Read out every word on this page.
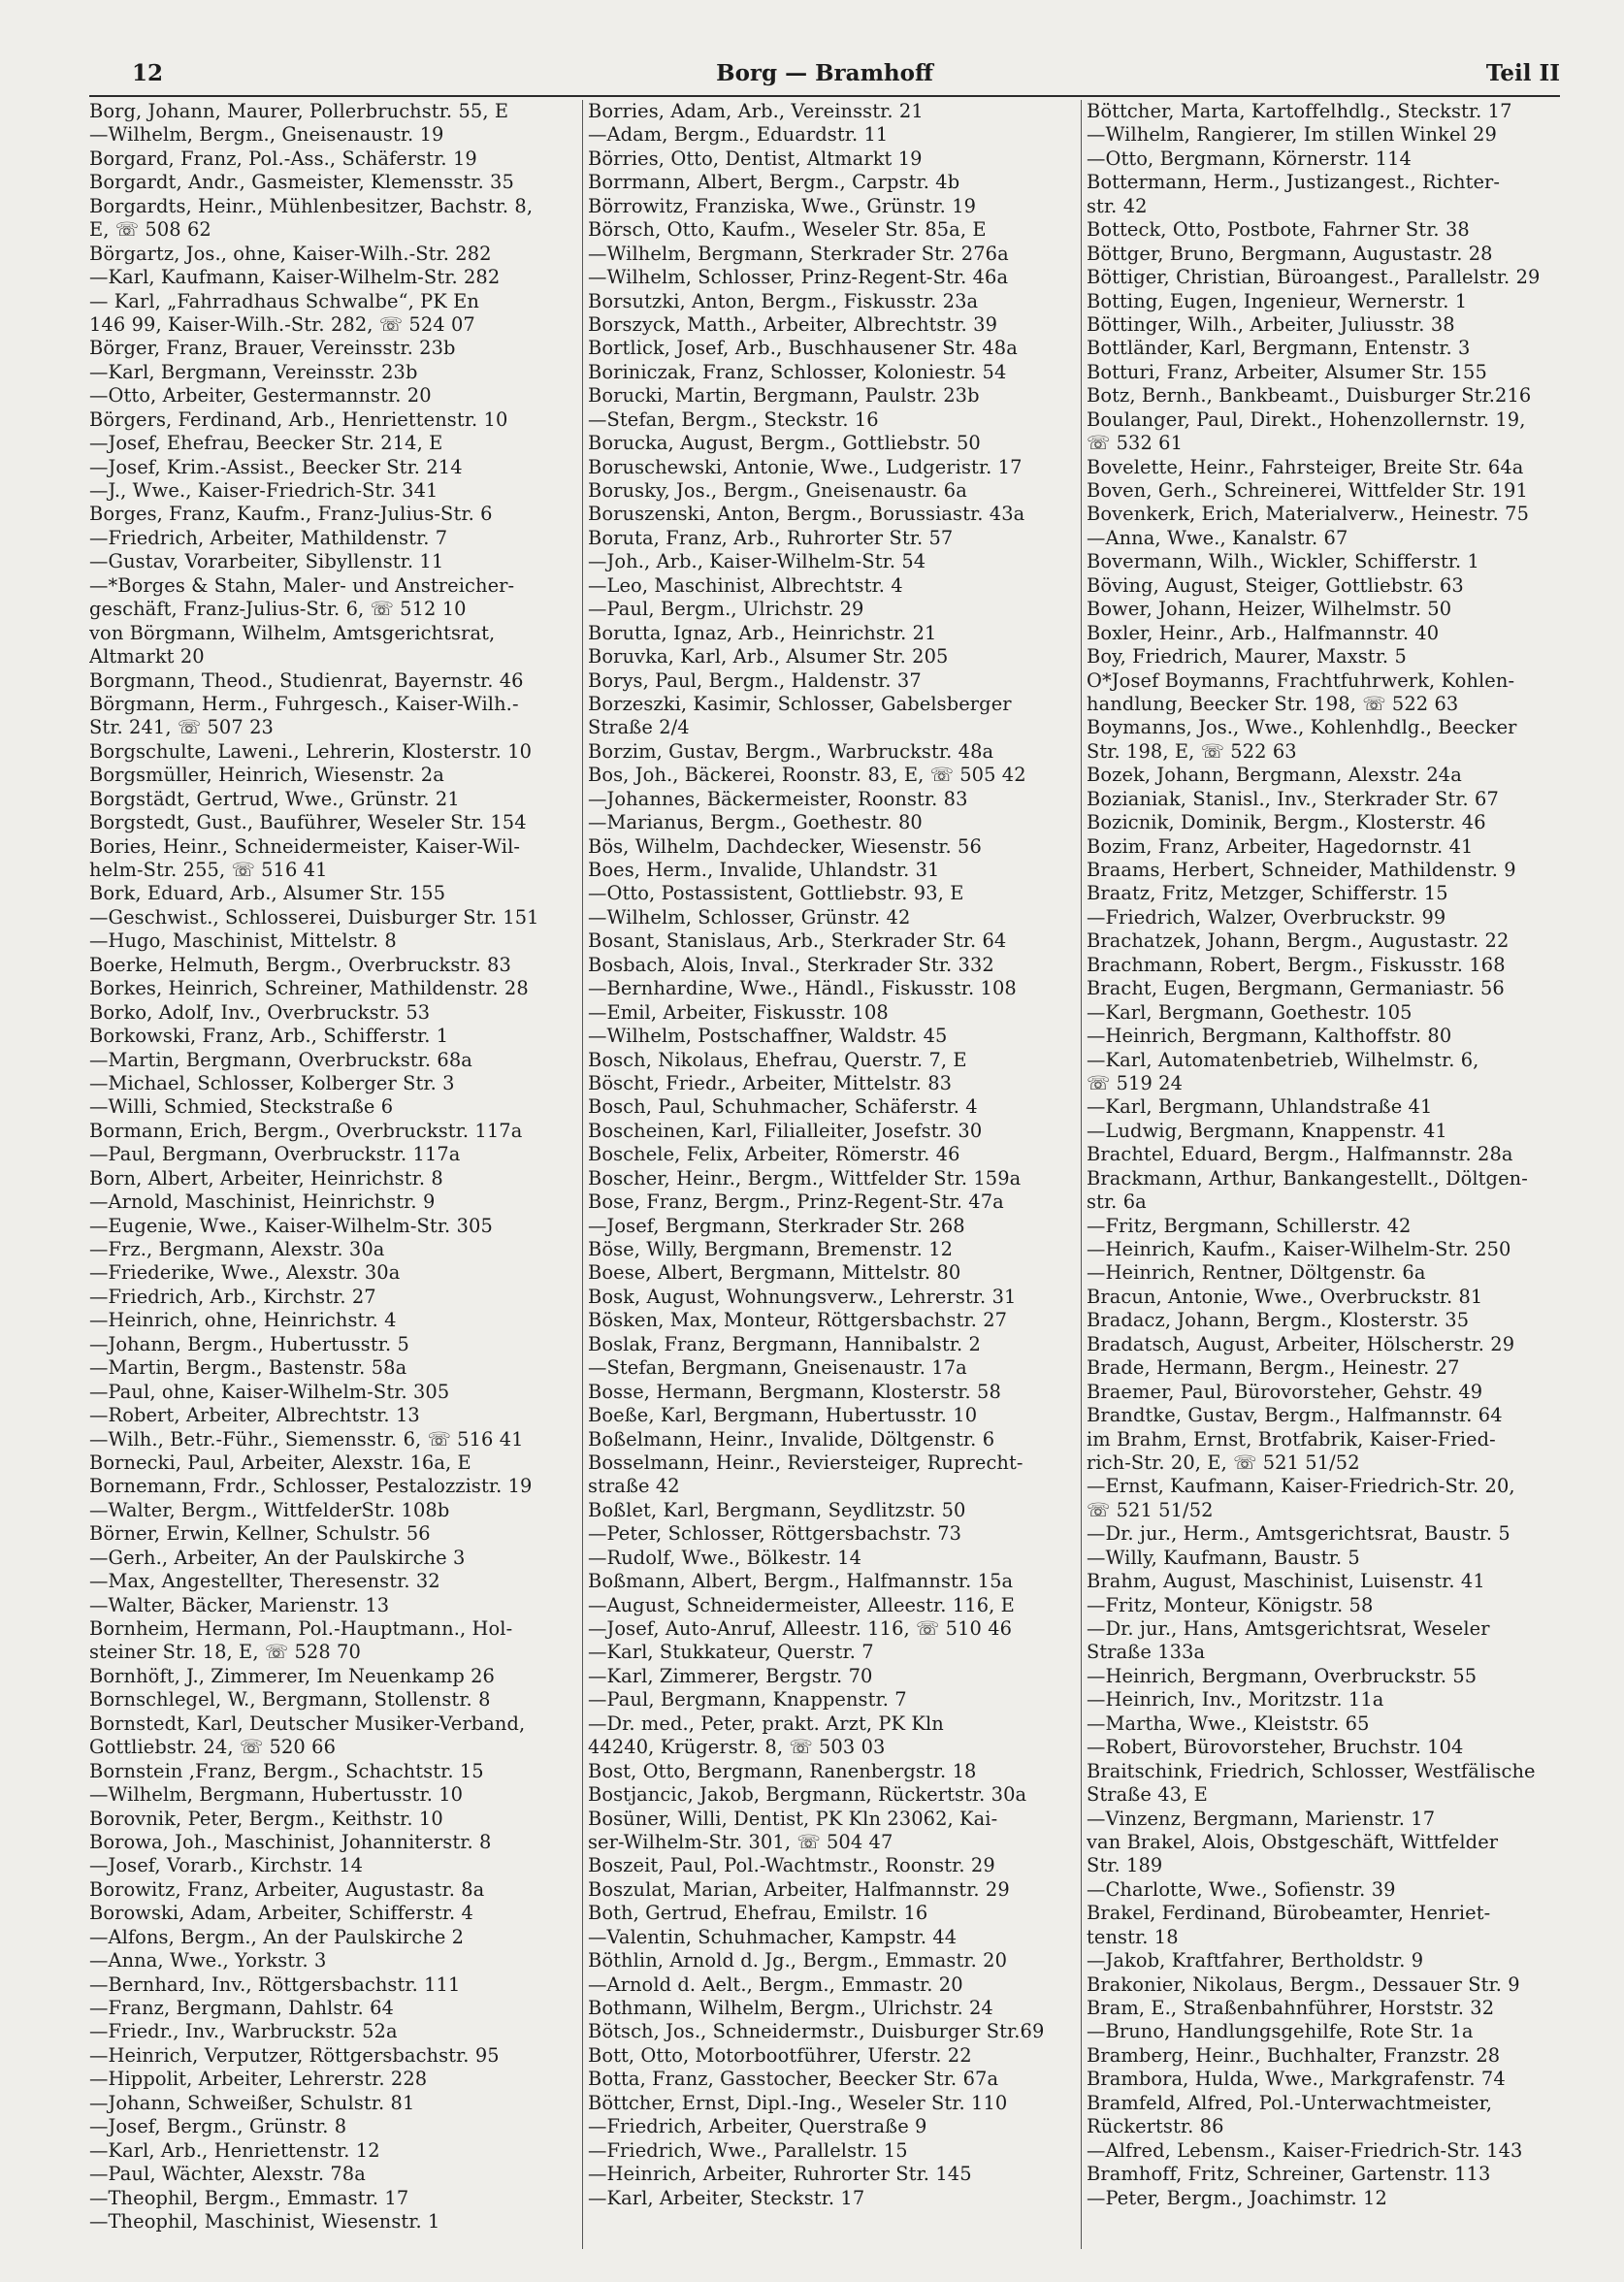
12	Borg — Bramhoff	Teil II
Borg, Johann, Maurer, Pollerbruchstr. 55, E
—Wilhelm, Bergm., Gneisenaustr. 19
Borgard, Franz, Pol.-Ass., Schäferstr. 19
Borgardt, Andr., Gasmeister, Klemensstr. 35
Borgardts, Heinr., Mühlenbesitzer, Bachstr. 8,
E, ☏ 508 62
Börgartz, Jos., ohne, Kaiser-Wilh.-Str. 282
—Karl, Kaufmann, Kaiser-Wilhelm-Str. 282
— Karl, „Fahrradhaus Schwalbe“, PK En
146 99, Kaiser-Wilh.-Str. 282, ☏ 524 07
Börger, Franz, Brauer, Vereinsstr. 23b
—Karl, Bergmann, Vereinsstr. 23b
—Otto, Arbeiter, Gestermannstr. 20
Börgers, Ferdinand, Arb., Henriettenstr. 10
—Josef, Ehefrau, Beecker Str. 214, E
—Josef, Krim.-Assist., Beecker Str. 214
—J., Wwe., Kaiser-Friedrich-Str. 341
Borges, Franz, Kaufm., Franz-Julius-Str. 6
—Friedrich, Arbeiter, Mathildenstr. 7
—Gustav, Vorarbeiter, Sibyllenstr. 11
—*Borges & Stahn, Maler- und Anstreicher-
geschäft, Franz-Julius-Str. 6, ☏ 512 10
von Börgmann, Wilhelm, Amtsgerichtsrat,
Altmarkt 20
Borgmann, Theod., Studienrat, Bayernstr. 46
Börgmann, Herm., Fuhrgesch., Kaiser-Wilh.-
Str. 241, ☏ 507 23
Borgschulte, Laweni., Lehrerin, Klosterstr. 10
Borgsmüller, Heinrich, Wiesenstr. 2a
Borgstädt, Gertrud, Wwe., Grünstr. 21
Borgstedt, Gust., Bauführer, Weseler Str. 154
Bories, Heinr., Schneidermeister, Kaiser-Wil-
helm-Str. 255, ☏ 516 41
Bork, Eduard, Arb., Alsumer Str. 155
—Geschwist., Schlosserei, Duisburger Str. 151
—Hugo, Maschinist, Mittelstr. 8
Boerke, Helmuth, Bergm., Overbruckstr. 83
Borkes, Heinrich, Schreiner, Mathildenstr. 28
Borko, Adolf, Inv., Overbruckstr. 53
Borkowski, Franz, Arb., Schifferstr. 1
—Martin, Bergmann, Overbruckstr. 68a
—Michael, Schlosser, Kolberger Str. 3
—Willi, Schmied, Steckstraße 6
Bormann, Erich, Bergm., Overbruckstr. 117a
—Paul, Bergmann, Overbruckstr. 117a
Born, Albert, Arbeiter, Heinrichstr. 8
—Arnold, Maschinist, Heinrichstr. 9
—Eugenie, Wwe., Kaiser-Wilhelm-Str. 305
—Frz., Bergmann, Alexstr. 30a
—Friederike, Wwe., Alexstr. 30a
—Friedrich, Arb., Kirchstr. 27
—Heinrich, ohne, Heinrichstr. 4
—Johann, Bergm., Hubertusstr. 5
—Martin, Bergm., Bastenstr. 58a
—Paul, ohne, Kaiser-Wilhelm-Str. 305
—Robert, Arbeiter, Albrechtstr. 13
—Wilh., Betr.-Führ., Siemensstr. 6, ☏ 516 41
Bornecki, Paul, Arbeiter, Alexstr. 16a, E
Bornemann, Frdr., Schlosser, Pestalozzistr. 19
—Walter, Bergm., WittfelderStr. 108b
Börner, Erwin, Kellner, Schulstr. 56
—Gerh., Arbeiter, An der Paulskirche 3
—Max, Angestellter, Theresenstr. 32
—Walter, Bäcker, Marienstr. 13
Bornheim, Hermann, Pol.-Hauptmann., Hol-
steiner Str. 18, E, ☏ 528 70
Bornhöft, J., Zimmerer, Im Neuenkamp 26
Bornschlegel, W., Bergmann, Stollenstr. 8
Bornstedt, Karl, Deutscher Musiker-Verband,
Gottliebstr. 24, ☏ 520 66
Bornstein ,Franz, Bergm., Schachtstr. 15
—Wilhelm, Bergmann, Hubertusstr. 10
Borovnik, Peter, Bergm., Keithstr. 10
Borowa, Joh., Maschinist, Johanniterstr. 8
—Josef, Vorarb., Kirchstr. 14
Borowitz, Franz, Arbeiter, Augustastr. 8a
Borowski, Adam, Arbeiter, Schifferstr. 4
—Alfons, Bergm., An der Paulskirche 2
—Anna, Wwe., Yorkstr. 3
—Bernhard, Inv., Röttgersbachstr. 111
—Franz, Bergmann, Dahlstr. 64
—Friedr., Inv., Warbruckstr. 52a
—Heinrich, Verputzer, Röttgersbachstr. 95
—Hippolit, Arbeiter, Lehrerstr. 228
—Johann, Schweißer, Schulstr. 81
—Josef, Bergm., Grünstr. 8
—Karl, Arb., Henriettenstr. 12
—Paul, Wächter, Alexstr. 78a
—Theophil, Bergm., Emmastr. 17
—Theophil, Maschinist, Wiesenstr. 1
Borries, Adam, Arb., Vereinsstr. 21
—Adam, Bergm., Eduardstr. 11
Börries, Otto, Dentist, Altmarkt 19
Borrmann, Albert, Bergm., Carpstr. 4b
Börrowitz, Franziska, Wwe., Grünstr. 19
Börsch, Otto, Kaufm., Weseler Str. 85a, E
—Wilhelm, Bergmann, Sterkrader Str. 276a
—Wilhelm, Schlosser, Prinz-Regent-Str. 46a
Borsutzki, Anton, Bergm., Fiskusstr. 23a
Borszyck, Matth., Arbeiter, Albrechtstr. 39
Bortlick, Josef, Arb., Buschhausener Str. 48a
Boriniczak, Franz, Schlosser, Koloniestr. 54
Borucki, Martin, Bergmann, Paulstr. 23b
—Stefan, Bergm., Steckstr. 16
Borucka, August, Bergm., Gottliebstr. 50
Boruschewski, Antonie, Wwe., Ludgeristr. 17
Borusky, Jos., Bergm., Gneisenaustr. 6a
Boruszenski, Anton, Bergm., Borussiastr. 43a
Boruta, Franz, Arb., Ruhrorter Str. 57
—Joh., Arb., Kaiser-Wilhelm-Str. 54
—Leo, Maschinist, Albrechtstr. 4
—Paul, Bergm., Ulrichstr. 29
Borutta, Ignaz, Arb., Heinrichstr. 21
Boruvka, Karl, Arb., Alsumer Str. 205
Borys, Paul, Bergm., Haldenstr. 37
Borzeszki, Kasimir, Schlosser, Gabelsberger
Straße 2/4
Borzim, Gustav, Bergm., Warbruckstr. 48a
Bos, Joh., Bäckerei, Roonstr. 83, E, ☏ 505 42
—Johannes, Bäckermeister, Roonstr. 83
—Marianus, Bergm., Goethestr. 80
Bös, Wilhelm, Dachdecker, Wiesenstr. 56
Boes, Herm., Invalide, Uhlandstr. 31
—Otto, Postassistent, Gottliebstr. 93, E
—Wilhelm, Schlosser, Grünstr. 42
Bosant, Stanislaus, Arb., Sterkrader Str. 64
Bosbach, Alois, Inval., Sterkrader Str. 332
—Bernhardine, Wwe., Händl., Fiskusstr. 108
—Emil, Arbeiter, Fiskusstr. 108
—Wilhelm, Postschaffner, Waldstr. 45
Bosch, Nikolaus, Ehefrau, Querstr. 7, E
Böscht, Friedr., Arbeiter, Mittelstr. 83
Bosch, Paul, Schuhmacher, Schäferstr. 4
Boscheinen, Karl, Filialleiter, Josefstr. 30
Boschele, Felix, Arbeiter, Römerstr. 46
Boscher, Heinr., Bergm., Wittfelder Str. 159a
Bose, Franz, Bergm., Prinz-Regent-Str. 47a
—Josef, Bergmann, Sterkrader Str. 268
Böse, Willy, Bergmann, Bremenstr. 12
Boese, Albert, Bergmann, Mittelstr. 80
Bosk, August, Wohnungsverw., Lehrerstr. 31
Bösken, Max, Monteur, Röttgersbachstr. 27
Boslak, Franz, Bergmann, Hannibalstr. 2
—Stefan, Bergmann, Gneisenaustr. 17a
Bosse, Hermann, Bergmann, Klosterstr. 58
Boeße, Karl, Bergmann, Hubertusstr. 10
Boßelmann, Heinr., Invalide, Döltgenstr. 6
Bosselmann, Heinr., Reviersteiger, Ruprecht-
straße 42
Boßlet, Karl, Bergmann, Seydlitzstr. 50
—Peter, Schlosser, Röttgersbachstr. 73
—Rudolf, Wwe., Bölkestr. 14
Boßmann, Albert, Bergm., Halfmannstr. 15a
—August, Schneidermeister, Alleestr. 116, E
—Josef, Auto-Anruf, Alleestr. 116, ☏ 510 46
—Karl, Stukkateur, Querstr. 7
—Karl, Zimmerer, Bergstr. 70
—Paul, Bergmann, Knappenstr. 7
—Dr. med., Peter, prakt. Arzt, PK Kln
44240, Krügerstr. 8, ☏ 503 03
Bost, Otto, Bergmann, Ranenbergstr. 18
Bostjancic, Jakob, Bergmann, Rückertstr. 30a
Bosüner, Willi, Dentist, PK Kln 23062, Kai-
ser-Wilhelm-Str. 301, ☏ 504 47
Boszeit, Paul, Pol.-Wachtmstr., Roonstr. 29
Boszulat, Marian, Arbeiter, Halfmannstr. 29
Both, Gertrud, Ehefrau, Emilstr. 16
—Valentin, Schuhmacher, Kampstr. 44
Böthlin, Arnold d. Jg., Bergm., Emmastr. 20
—Arnold d. Aelt., Bergm., Emmastr. 20
Bothmann, Wilhelm, Bergm., Ulrichstr. 24
Bötsch, Jos., Schneidermstr., Duisburger Str.69
Bott, Otto, Motorbootführer, Uferstr. 22
Botta, Franz, Gasstocher, Beecker Str. 67a
Böttcher, Ernst, Dipl.-Ing., Weseler Str. 110
—Friedrich, Arbeiter, Querstraße 9
—Friedrich, Wwe., Parallelstr. 15
—Heinrich, Arbeiter, Ruhrorter Str. 145
—Karl, Arbeiter, Steckstr. 17
Böttcher, Marta, Kartoffelhdlg., Steckstr. 17
—Wilhelm, Rangierer, Im stillen Winkel 29
—Otto, Bergmann, Körnerstr. 114
Bottermann, Herm., Justizangest., Richter-
str. 42
Botteck, Otto, Postbote, Fahrner Str. 38
Böttger, Bruno, Bergmann, Augustastr. 28
Böttiger, Christian, Büroangest., Parallelstr. 29
Botting, Eugen, Ingenieur, Wernerstr. 1
Böttinger, Wilh., Arbeiter, Juliusstr. 38
Bottländer, Karl, Bergmann, Entenstr. 3
Botturi, Franz, Arbeiter, Alsumer Str. 155
Botz, Bernh., Bankbeamt., Duisburger Str.216
Boulanger, Paul, Direkt., Hohenzollernstr. 19,
☏ 532 61
Bovelette, Heinr., Fahrsteiger, Breite Str. 64a
Boven, Gerh., Schreinerei, Wittfelder Str. 191
Bovenkerk, Erich, Materialverw., Heinestr. 75
—Anna, Wwe., Kanalstr. 67
Bovermann, Wilh., Wickler, Schifferstr. 1
Böving, August, Steiger, Gottliebstr. 63
Bower, Johann, Heizer, Wilhelmstr. 50
Boxler, Heinr., Arb., Halfmannstr. 40
Boy, Friedrich, Maurer, Maxstr. 5
O*Josef Boymanns, Frachtfuhrwerk, Kohlen-
handlung, Beecker Str. 198, ☏ 522 63
Boymanns, Jos., Wwe., Kohlenhdlg., Beecker
Str. 198, E, ☏ 522 63
Bozek, Johann, Bergmann, Alexstr. 24a
Bozianiak, Stanisl., Inv., Sterkrader Str. 67
Bozicnik, Dominik, Bergm., Klosterstr. 46
Bozim, Franz, Arbeiter, Hagedornstr. 41
Braams, Herbert, Schneider, Mathildenstr. 9
Braatz, Fritz, Metzger, Schifferstr. 15
—Friedrich, Walzer, Overbruckstr. 99
Brachatzek, Johann, Bergm., Augustastr. 22
Brachmann, Robert, Bergm., Fiskusstr. 168
Bracht, Eugen, Bergmann, Germaniastr. 56
—Karl, Bergmann, Goethestr. 105
—Heinrich, Bergmann, Kalthoffstr. 80
—Karl, Automatenbetrieb, Wilhelmstr. 6,
☏ 519 24
—Karl, Bergmann, Uhlandstraße 41
—Ludwig, Bergmann, Knappenstr. 41
Brachtel, Eduard, Bergm., Halfmannstr. 28a
Brackmann, Arthur, Bankangestellt., Döltgen-
str. 6a
—Fritz, Bergmann, Schillerstr. 42
—Heinrich, Kaufm., Kaiser-Wilhelm-Str. 250
—Heinrich, Rentner, Döltgenstr. 6a
Bracun, Antonie, Wwe., Overbruckstr. 81
Bradacz, Johann, Bergm., Klosterstr. 35
Bradatsch, August, Arbeiter, Hölscherstr. 29
Brade, Hermann, Bergm., Heinestr. 27
Braemer, Paul, Bürovorsteher, Gehstr. 49
Brandtke, Gustav, Bergm., Halfmannstr. 64
im Brahm, Ernst, Brotfabrik, Kaiser-Fried-
rich-Str. 20, E, ☏ 521 51/52
—Ernst, Kaufmann, Kaiser-Friedrich-Str. 20,
☏ 521 51/52
—Dr. jur., Herm., Amtsgerichtsrat, Baustr. 5
—Willy, Kaufmann, Baustr. 5
Brahm, August, Maschinist, Luisenstr. 41
—Fritz, Monteur, Königstr. 58
—Dr. jur., Hans, Amtsgerichtsrat, Weseler
Straße 133a
—Heinrich, Bergmann, Overbruckstr. 55
—Heinrich, Inv., Moritzstr. 11a
—Martha, Wwe., Kleiststr. 65
—Robert, Bürovorsteher, Bruchstr. 104
Braitschink, Friedrich, Schlosser, Westfälische
Straße 43, E
—Vinzenz, Bergmann, Marienstr. 17
van Brakel, Alois, Obstgeschäft, Wittfelder
Str. 189
—Charlotte, Wwe., Sofienstr. 39
Brakel, Ferdinand, Bürobeamter, Henriet-
tenstr. 18
—Jakob, Kraftfahrer, Bertholdstr. 9
Brakonier, Nikolaus, Bergm., Dessauer Str. 9
Bram, E., Straßenbahnführer, Horststr. 32
—Bruno, Handlungsgehilfe, Rote Str. 1a
Bramberg, Heinr., Buchhalter, Franzstr. 28
Brambora, Hulda, Wwe., Markgrafenstr. 74
Bramfeld, Alfred, Pol.-Unterwachtmeister,
Rückertstr. 86
—Alfred, Lebensm., Kaiser-Friedrich-Str. 143
Bramhoff, Fritz, Schreiner, Gartenstr. 113
—Peter, Bergm., Joachimstr. 12
